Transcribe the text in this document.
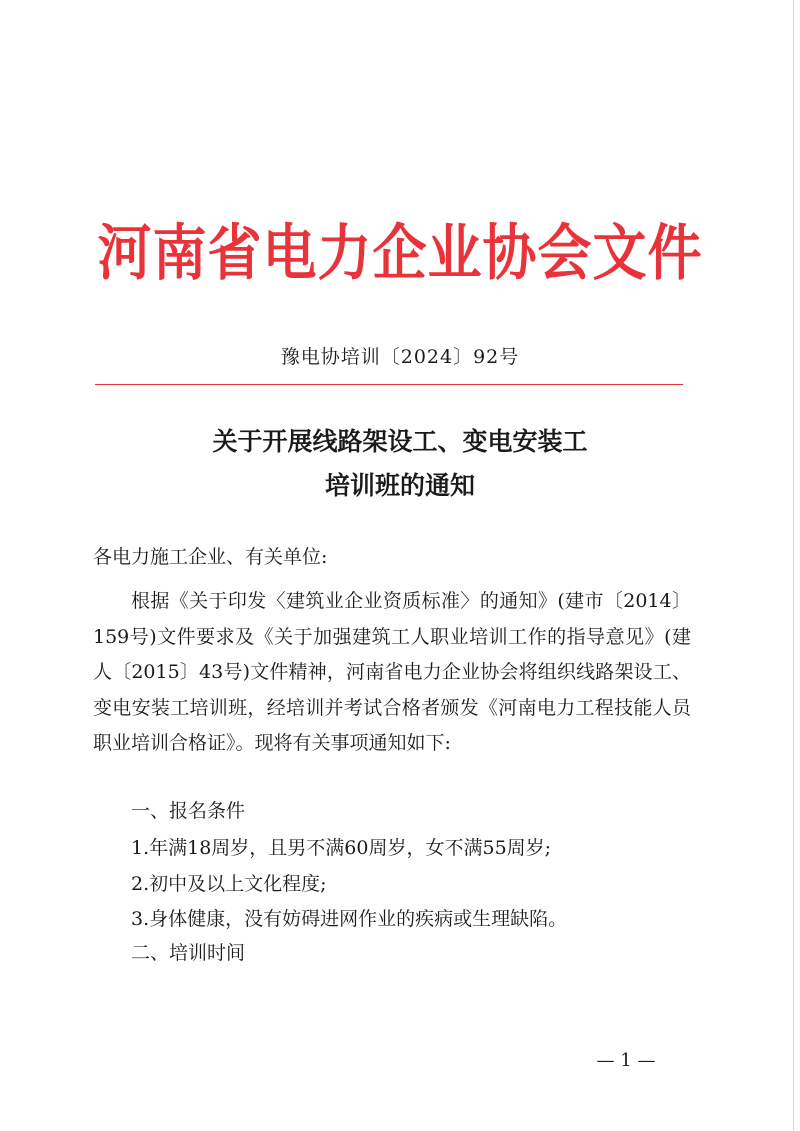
河南省电力企业协会文件
豫电协培训〔2024〕92号
关于开展线路架设工、变电安装工
培训班的通知
各电力施工企业、有关单位:
根据《关于印发〈建筑业企业资质标准〉的通知》(建市〔2014〕159号)文件要求及《关于加强建筑工人职业培训工作的指导意见》(建人〔2015〕43号)文件精神，河南省电力企业协会将组织线路架设工、变电安装工培训班，经培训并考试合格者颁发《河南电力工程技能人员职业培训合格证》。现将有关事项通知如下:
一、报名条件
1.年满18周岁，且男不满60周岁，女不满55周岁;
2.初中及以上文化程度;
3.身体健康，没有妨碍进网作业的疾病或生理缺陷。
二、培训时间
— 1 —
